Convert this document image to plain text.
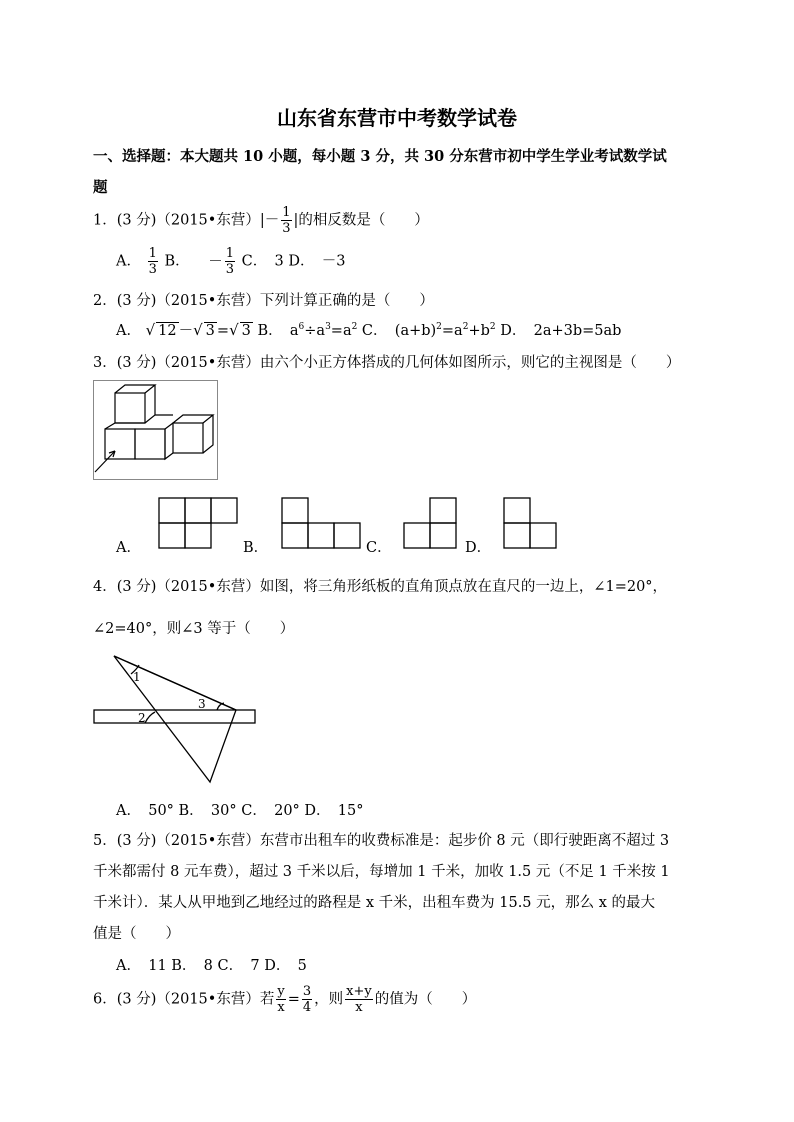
山东省东营市中考数学试卷
一、选择题：本大题共 10 小题，每小题 3 分，共 30 分东营市初中学生学业考试数学试
题
1．(3 分)（2015•东营）|－ $\frac{1}{3}$ |的相反数是（　　）
A． $\frac{1}{3}$ B． － $\frac{1}{3}$ C．　3 D．　－3
2．(3 分)（2015•东营）下列计算正确的是（　　）
A． √ 12 －√ 3 =√ 3 B．　$a^6\div a^3=a^2$ C．　$(a+b)^2=a^2+b^2$ D．　2a+3b=5ab
3．(3 分)（2015•东营）由六个小正方体搭成的几何体如图所示，则它的主视图是（　　）
A．	B．	C．	D．
4．(3 分)（2015•东营）如图，将三角形纸板的直角顶点放在直尺的一边上，∠1=20°，
∠2=40°，则∠3 等于（　　）
1
2
3
A．　50° B．　30° C．　20° D．　15°
5．(3 分)（2015•东营）东营市出租车的收费标准是：起步价 8 元（即行驶距离不超过 3
千米都需付 8 元车费），超过 3 千米以后，每增加 1 千米，加收 1.5 元（不足 1 千米按 1
千米计）．某人从甲地到乙地经过的路程是 x 千米，出租车费为 15.5 元，那么 x 的最大
值是（　　）
A．　11 B．　8 C．　7 D．　5
6．(3 分)（2015•东营）若 $\frac{y}{x} = \frac{3}{4}$ ，则 $\frac{x+y}{x}$ 的值为（　　）
